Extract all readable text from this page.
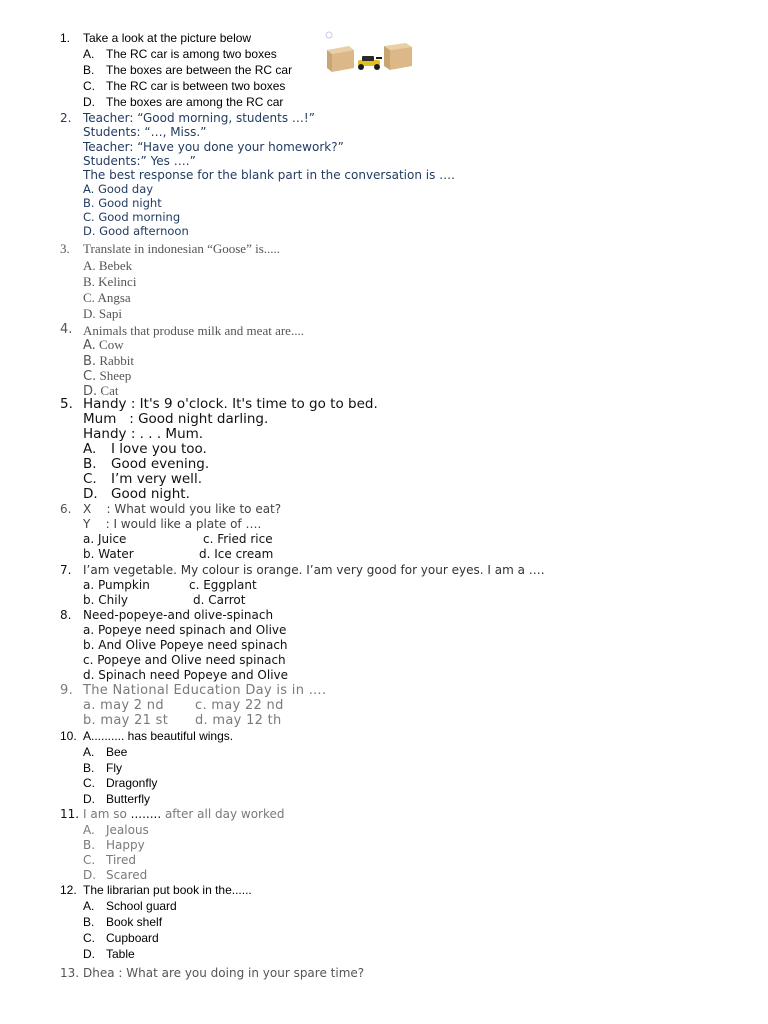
1. Take a look at the picture below
A. The RC car is among two boxes
B. The boxes are between the RC car
C. The RC car is between two boxes
D. The boxes are among the RC car
2. Teacher: “Good morning, students …!”
Students: “…, Miss.”
Teacher: “Have you done your homework?”
Students:” Yes ….”
The best response for the blank part in the conversation is ….
A. Good day
B. Good night
C. Good morning
D. Good afternoon
3. Translate in indonesian “Goose” is.....
A. Bebek
B. Kelinci
C. Angsa
D. Sapi
4. Animals that produse milk and meat are....
A. Cow
B. Rabbit
C. Sheep
D. Cat
5. Handy : It's 9 o'clock. It's time to go to bed.
Mum   : Good night darling.
Handy : . . . Mum.
A. I love you too.
B. Good evening.
C. I’m very well.
D. Good night.
6. X    : What would you like to eat?
Y    : I would like a plate of ….
a. Juice	c. Fried rice
b. Water	d. Ice cream
7. I’am vegetable. My colour is orange. I’am very good for your eyes. I am a ….
a. Pumpkin	c. Eggplant
b. Chily	d. Carrot
8. Need-popeye-and olive-spinach
a. Popeye need spinach and Olive
b. And Olive Popeye need spinach
c. Popeye and Olive need spinach
d. Spinach need Popeye and Olive
9. The National Education Day is in ….
a. may 2 nd c. may 22 nd
b. may 21 st d. may 12 th
10. A.......... has beautiful wings.
A. Bee
B. Fly
C. Dragonfly
D. Butterfly
11. I am so ........ after all day worked
A. Jealous
B. Happy
C. Tired
D. Scared
12. The librarian put book in the......
A. School guard
B. Book shelf
C. Cupboard
D. Table
13. Dhea : What are you doing in your spare time?
